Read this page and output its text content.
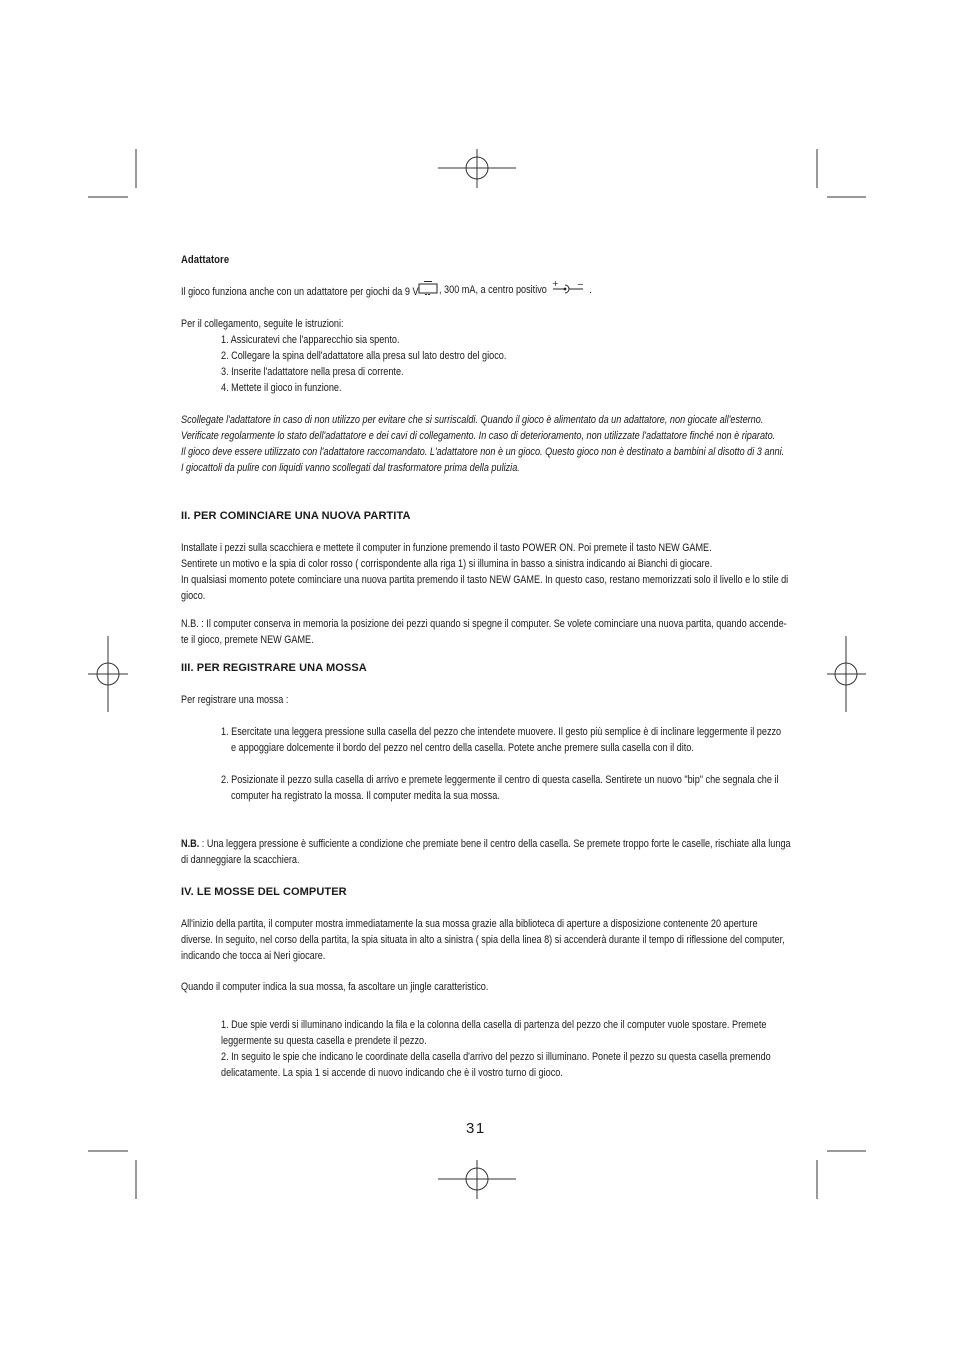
Adattatore
Il gioco funziona anche con un adattatore per giochi da 9 V	, 300 mA, a centro positivo
+ − .
Per il collegamento, seguite le istruzioni:
1. Assicuratevi che l'apparecchio sia spento.
2. Collegare la spina dell'adattatore alla presa sul lato destro del gioco.
3. Inserite l'adattatore nella presa di corrente.
4. Mettete il gioco in funzione.
Scollegate l'adattatore in caso di non utilizzo per evitare che si surriscaldi. Quando il gioco è alimentato da un adattatore, non giocate all'esterno.
Verificate regolarmente lo stato dell'adattatore e dei cavi di collegamento. In caso di deterioramento, non utilizzate l'adattatore finché non è riparato.
Il gioco deve essere utilizzato con l'adattatore raccomandato. L'adattatore non è un gioco. Questo gioco non è destinato a bambini al disotto di 3 anni.
I giocattoli da pulire con liquidi vanno scollegati dal trasformatore prima della pulizia.
II. PER COMINCIARE UNA NUOVA PARTITA
Installate i pezzi sulla scacchiera e mettete il computer in funzione premendo il tasto POWER ON. Poi premete il tasto NEW GAME.
Sentirete un motivo e la spia di color rosso ( corrispondente alla riga 1) si illumina in basso a sinistra indicando ai Bianchi di giocare.
In qualsiasi momento potete cominciare una nuova partita premendo il tasto NEW GAME. In questo caso, restano memorizzati solo il livello e lo stile di
gioco.
N.B. : Il computer conserva in memoria la posizione dei pezzi quando si spegne il computer. Se volete cominciare una nuova partita, quando accende-
te il gioco, premete NEW GAME.
III. PER REGISTRARE UNA MOSSA
Per registrare una mossa :
1. Esercitate una leggera pressione sulla casella del pezzo che intendete muovere. Il gesto più semplice è di inclinare leggermente il pezzo
e appoggiare dolcemente il bordo del pezzo nel centro della casella. Potete anche premere sulla casella con il dito.
2. Posizionate il pezzo sulla casella di arrivo e premete leggermente il centro di questa casella. Sentirete un nuovo "bip" che segnala che il
computer ha registrato la mossa. Il computer medita la sua mossa.
N.B. : Una leggera pressione è sufficiente a condizione che premiate bene il centro della casella. Se premete troppo forte le caselle, rischiate alla lunga
di danneggiare la scacchiera.
IV. LE MOSSE DEL COMPUTER
All'inizio della partita, il computer mostra immediatamente la sua mossa grazie alla biblioteca di aperture a disposizione contenente 20 aperture
diverse. In seguito, nel corso della partita, la spia situata in alto a sinistra ( spia della linea 8) si accenderà durante il tempo di riflessione del computer,
indicando che tocca ai Neri giocare.
Quando il computer indica la sua mossa, fa ascoltare un jingle caratteristico.
1. Due spie verdi si illuminano indicando la fila e la colonna della casella di partenza del pezzo che il computer vuole spostare. Premete
leggermente su questa casella e prendete il pezzo.
2. In seguito le spie che indicano le coordinate della casella d'arrivo del pezzo si illuminano. Ponete il pezzo su questa casella premendo
delicatamente. La spia 1 si accende di nuovo indicando che è il vostro turno di gioco.
31
